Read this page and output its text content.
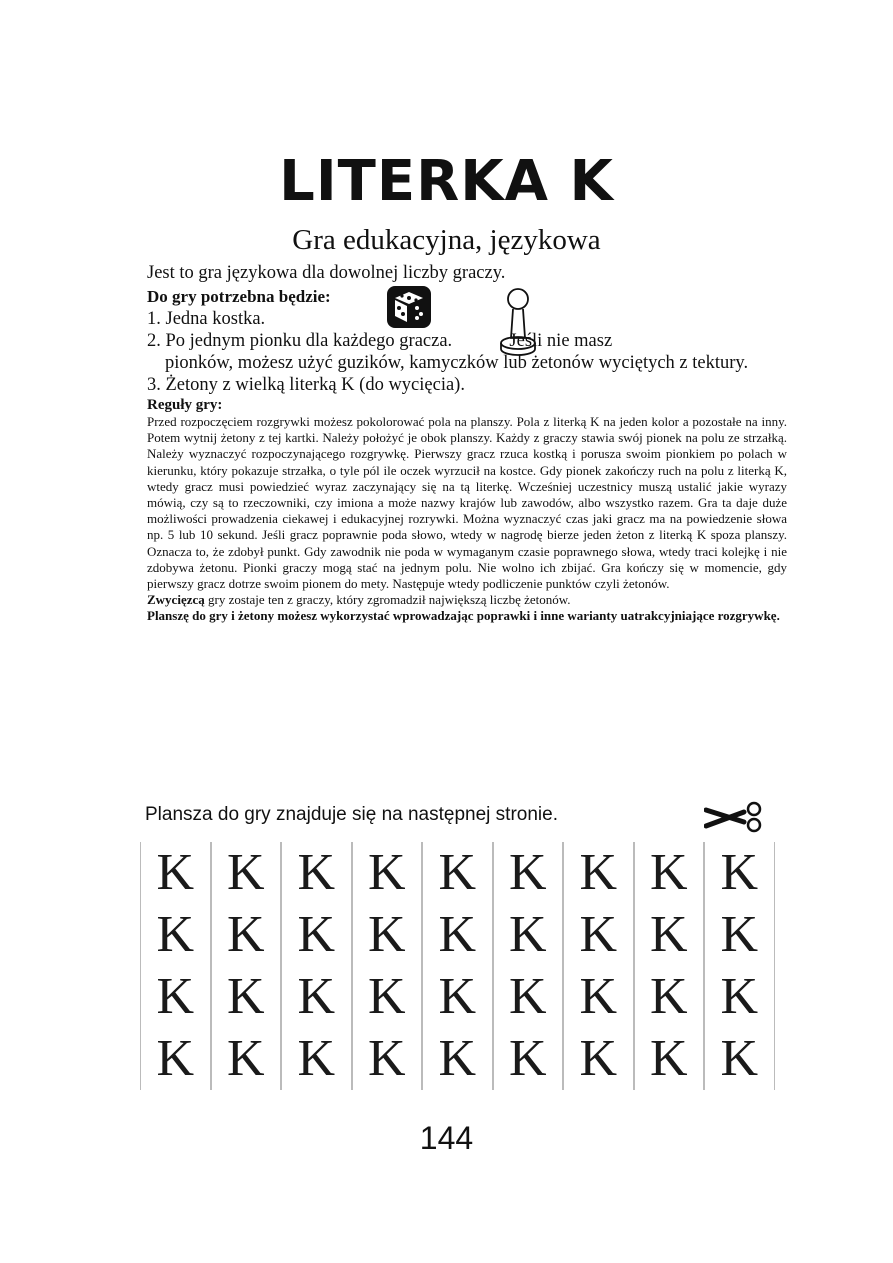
LITERKA K
Gra edukacyjna, językowa

Jest to gra językowa dla dowolnej liczby graczy.

Do gry potrzebna będzie:

1. Jedna kostka.

2. Po jednym pionku dla każdego gracza.	Jeśli nie masz

pionków, możesz użyć guzików, kamyczków lub żetonów wyciętych z tektury.

3. Żetony z wielką literką K (do wycięcia).

Reguły gry:

Przed rozpoczęciem rozgrywki możesz pokolorować pola na planszy. Pola z literką K na jeden kolor a pozostałe na inny. Potem wytnij żetony z tej kartki. Należy położyć je obok planszy. Każdy z graczy stawia swój pionek na polu ze strzałką. Należy wyznaczyć rozpoczynającego rozgrywkę. Pierwszy gracz rzuca kostką i porusza swoim pionkiem po polach w kierunku, który pokazuje strzałka, o tyle pól ile oczek wyrzucił na kostce. Gdy pionek zakończy ruch na polu z literką K, wtedy gracz musi powiedzieć wyraz zaczynający się na tą literkę. Wcześniej uczestnicy muszą ustalić jakie wyrazy mówią, czy są to rzeczowniki, czy imiona a może nazwy krajów lub zawodów, albo wszystko razem. Gra ta daje duże możliwości prowadzenia ciekawej i edukacyjnej rozrywki. Można wyznaczyć czas jaki gracz ma na powiedzenie słowa np. 5 lub 10 sekund. Jeśli gracz poprawnie poda słowo, wtedy w nagrodę bierze jeden żeton z literką K spoza planszy. Oznacza to, że zdobył punkt. Gdy zawodnik nie poda w wymaganym czasie poprawnego słowa, wtedy traci kolejkę i nie zdobywa żetonu. Pionki graczy mogą stać na jednym polu. Nie wolno ich zbijać. Gra kończy się w momencie, gdy pierwszy gracz dotrze swoim pionem do mety. Następuje wtedy podliczenie punktów czyli żetonów.

Zwycięzcą gry zostaje ten z graczy, który zgromadził największą liczbę żetonów.

Planszę do gry i żetony możesz wykorzystać wprowadzając poprawki i inne warianty uatrakcyjniające rozgrywkę.

Plansza do gry znajduje się na następnej stronie.
K K K K K K K K K
K K K K K K K K K
K K K K K K K K K
K K K K K K K K K
144
